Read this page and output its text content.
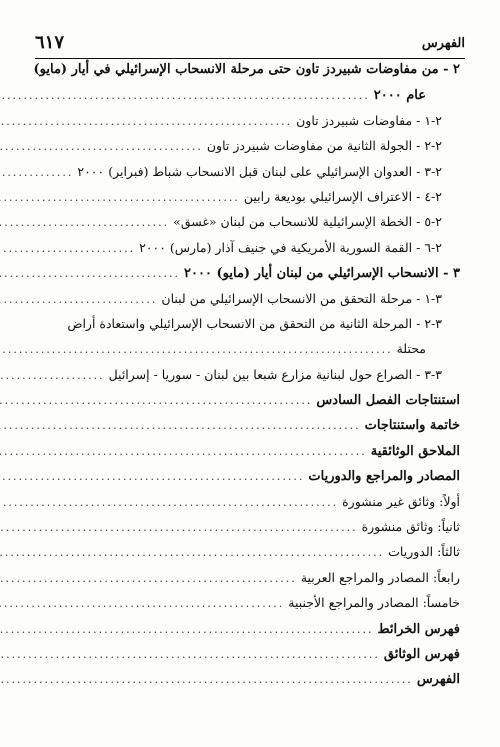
الفهرس
٦١٧
٢ - من مفاوضات شبيردز تاون حتى مرحلة الانسحاب الإسرائيلي في أيار (مايو)
عام ٢٠٠٠
.....
٢-١ - مفاوضات شبيردز تاون
.....
٢-٢ - الجولة الثانية من مفاوضات شبيردز تاون
.....
٢-٣ - العدوان الإسرائيلي على لبنان قبل الانسحاب شباط (فبراير) ٢٠٠٠
.....
٢-٤ - الاعتراف الإسرائيلي بوديعة رابين
.....
٢-٥ - الخطة الإسرائيلية للانسحاب من لبنان «غسق»
.....
٢-٦ - القمة السورية الأمريكية في جنيف آذار (مارس) ٢٠٠٠
.....
٣ - الانسحاب الإسرائيلي من لبنان أيار (مايو) ٢٠٠٠
.....
٣-١ - مرحلة التحقق من الانسحاب الإسرائيلي من لبنان
.....
٣-٢ - المرحلة الثانية من التحقق من الانسحاب الإسرائيلي واستعادة أراض
محتلة
.....
٣-٣ - الصراع حول لبنانية مزارع شبعا بين لبنان - سوريا - إسرائيل
.....
استنتاجات الفصل السادس
.....
خاتمة واستنتاجات
.....
الملاحق الوثائقية
.....
المصادر والمراجع والدوريات
.....
أولاً: وثائق غير منشورة
.....
ثانياً: وثائق منشورة
.....
ثالثاً: الدوريات
.....
رابعاً: المصادر والمراجع العربية
.....
خامساً: المصادر والمراجع الأجنبية
.....
فهرس الخرائط
.....
فهرس الوثائق
.....
الفهرس
.....
